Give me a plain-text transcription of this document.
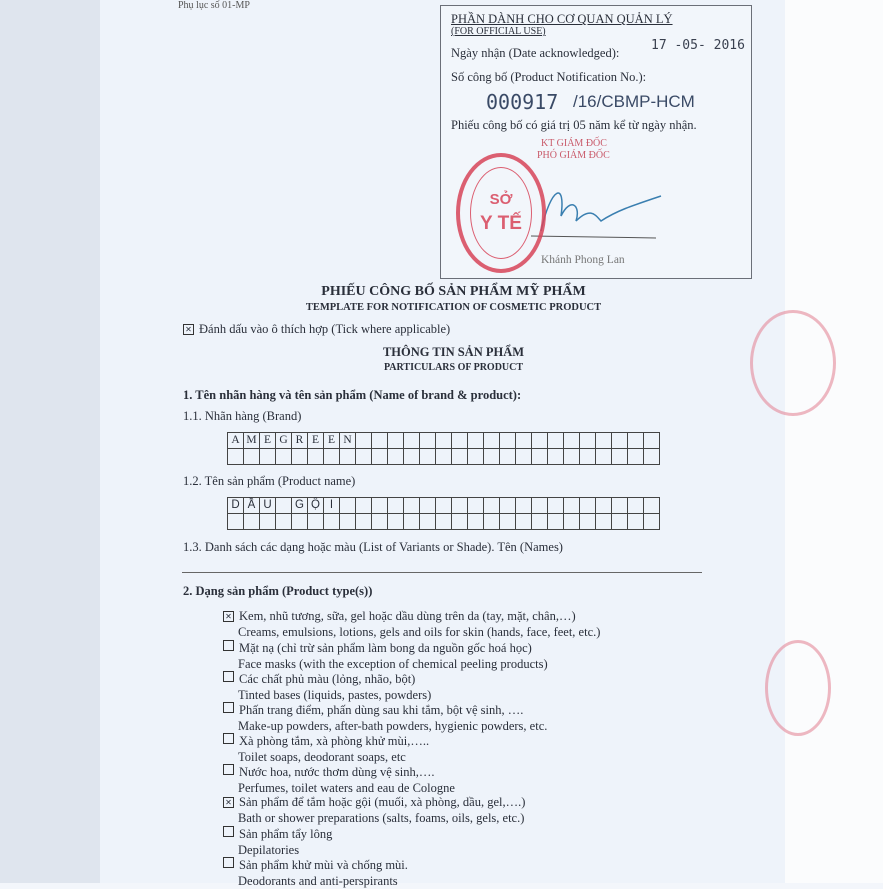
Phụ lục số 01-MP
PHẦN DÀNH CHO CƠ QUAN QUẢN LÝ
(FOR OFFICIAL USE)
Ngày nhận (Date acknowledged): 17 -05- 2016
Số công bố (Product Notification No.):
000917 /16/CBMP-HCM
Phiếu công bố có giá trị 05 năm kể từ ngày nhận.
KT GIÁM ĐỐC
PHÓ GIÁM ĐỐC
Khánh Phong Lan
SỞ
Y TẾ
PHIẾU CÔNG BỐ SẢN PHẨM MỸ PHẨM
TEMPLATE FOR NOTIFICATION OF COSMETIC PRODUCT
✕ Đánh dấu vào ô thích hợp (Tick where applicable)
THÔNG TIN SẢN PHẨM
PARTICULARS OF PRODUCT
1. Tên nhãn hàng và tên sản phẩm (Name of brand & product):
1.1. Nhãn hàng (Brand)
A	M	E	G	R	E	E	N																			

1.2. Tên sản phẩm (Product name)
D	Ầ	U		G	Ộ	I																				

1.3. Danh sách các dạng hoặc màu (List of Variants or Shade). Tên (Names)
2. Dạng sản phẩm (Product type(s))
✕ Kem, nhũ tương, sữa, gel hoặc dầu dùng trên da (tay, mặt, chân,…)
Creams, emulsions, lotions, gels and oils for skin (hands, face, feet, etc.)
Mặt nạ (chỉ trừ sản phẩm làm bong da nguồn gốc hoá học)
Face masks (with the exception of chemical peeling products)
Các chất phủ màu (lỏng, nhão, bột)
Tinted bases (liquids, pastes, powders)
Phấn trang điểm, phấn dùng sau khi tắm, bột vệ sinh, ….
Make-up powders, after-bath powders, hygienic powders, etc.
Xà phòng tắm, xà phòng khử mùi,…..
Toilet soaps, deodorant soaps, etc
Nước hoa, nước thơm dùng vệ sinh,….
Perfumes, toilet waters and eau de Cologne
✕ Sản phẩm để tắm hoặc gội (muối, xà phòng, dầu, gel,….)
Bath or shower preparations (salts, foams, oils, gels, etc.)
Sản phẩm tẩy lông
Depilatories
Sản phẩm khử mùi và chống mùi.
Deodorants and anti-perspirants
